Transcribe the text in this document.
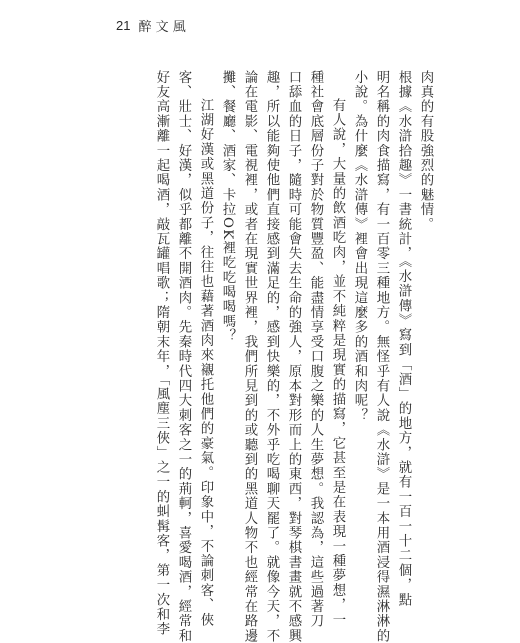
21 醉 文 風
肉真的有股強烈的魅情。
根據《水滸拾趣》一書統計，《水滸傳》寫到「酒」的地方，就有一百一十二個，點
明名稱的肉食描寫，有一百零三種地方。無怪乎有人說《水滸》是一本用酒浸得濕淋淋的
小說。為什麼《水滸傳》裡會出現這麼多的酒和肉呢？
有人說，大量的飲酒吃肉，並不純粹是現實的描寫，它甚至是在表現一種夢想，一
種社會底層份子對於物質豐盈、能盡情享受口腹之樂的人生夢想。我認為，這些過著刀
口舔血的日子，隨時可能會失去生命的強人，原本對形而上的東西，對琴棋書畫就不感興
趣，所以能夠使他們直接感到滿足的，感到快樂的，不外乎吃喝聊天罷了。就像今天，不
論在電影、電視裡，或者在現實世界裡，我們所見到的或聽到的黑道人物不也經常在路邊
攤、餐廳、酒家、卡拉OK裡吃吃喝喝嗎？
江湖好漢或黑道份子，往往也藉著酒肉來襯托他們的豪氣。印象中，不論刺客、俠
客、壯士、好漢，似乎都離不開酒肉。先秦時代四大刺客之一的荊軻，喜愛喝酒，經常和
好友高漸離一起喝酒，敲瓦罐唱歌；隋朝末年，「風塵三俠」之一的虯髯客，第一次和李
